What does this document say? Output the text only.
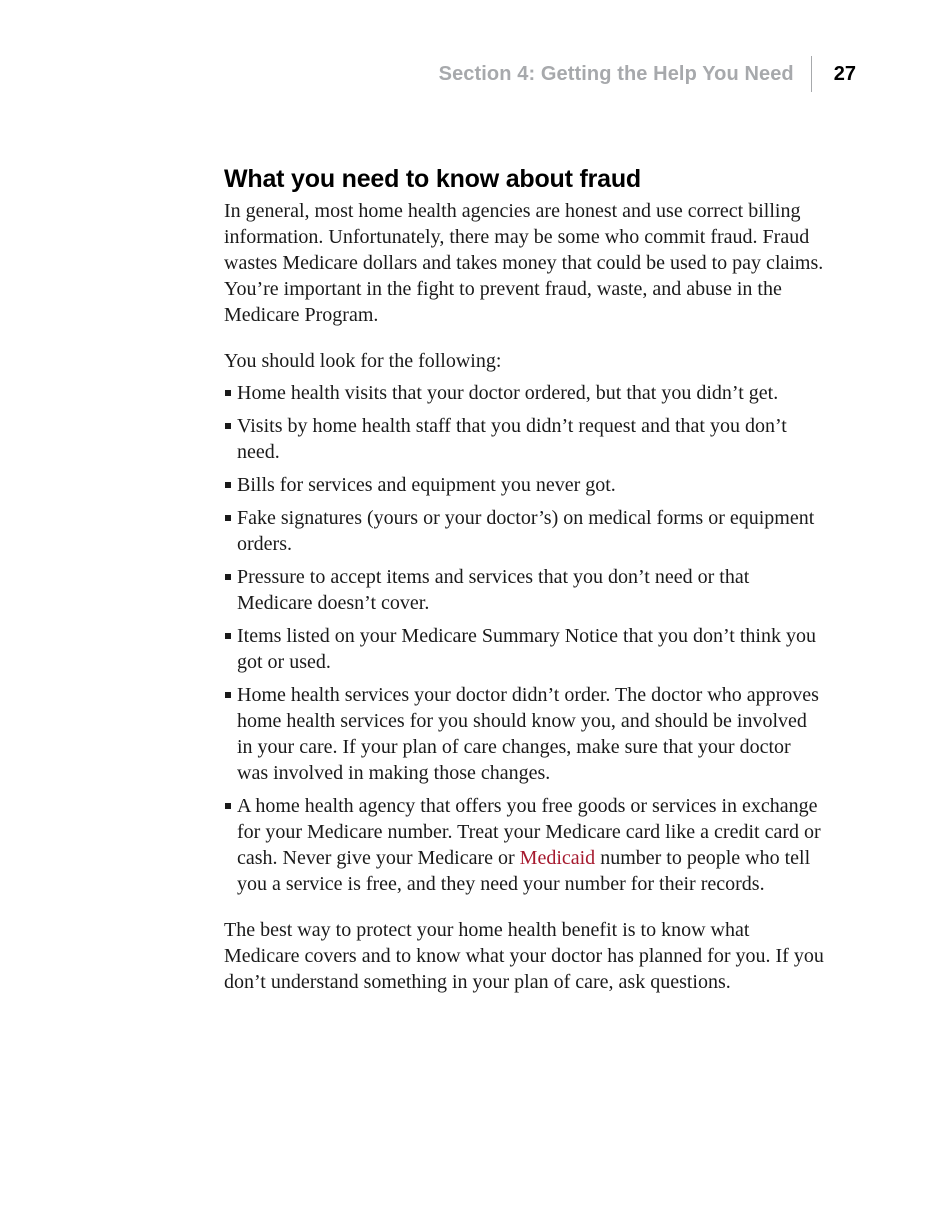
Section 4: Getting the Help You Need 27
What you need to know about fraud

In general, most home health agencies are honest and use correct billing information. Unfortunately, there may be some who commit fraud. Fraud wastes Medicare dollars and takes money that could be used to pay claims. You’re important in the fight to prevent fraud, waste, and abuse in the Medicare Program.

You should look for the following:

Home health visits that your doctor ordered, but that you didn’t get.
Visits by home health staff that you didn’t request and that you don’t need.
Bills for services and equipment you never got.
Fake signatures (yours or your doctor’s) on medical forms or equipment orders.
Pressure to accept items and services that you don’t need or that Medicare doesn’t cover.
Items listed on your Medicare Summary Notice that you don’t think you got or used.
Home health services your doctor didn’t order. The doctor who approves home health services for you should know you, and should be involved in your care. If your plan of care changes, make sure that your doctor was involved in making those changes.
A home health agency that offers you free goods or services in exchange for your Medicare number. Treat your Medicare card like a credit card or cash. Never give your Medicare or Medicaid number to people who tell you a service is free, and they need your number for their records.

The best way to protect your home health benefit is to know what Medicare covers and to know what your doctor has planned for you. If you don’t understand something in your plan of care, ask questions.
